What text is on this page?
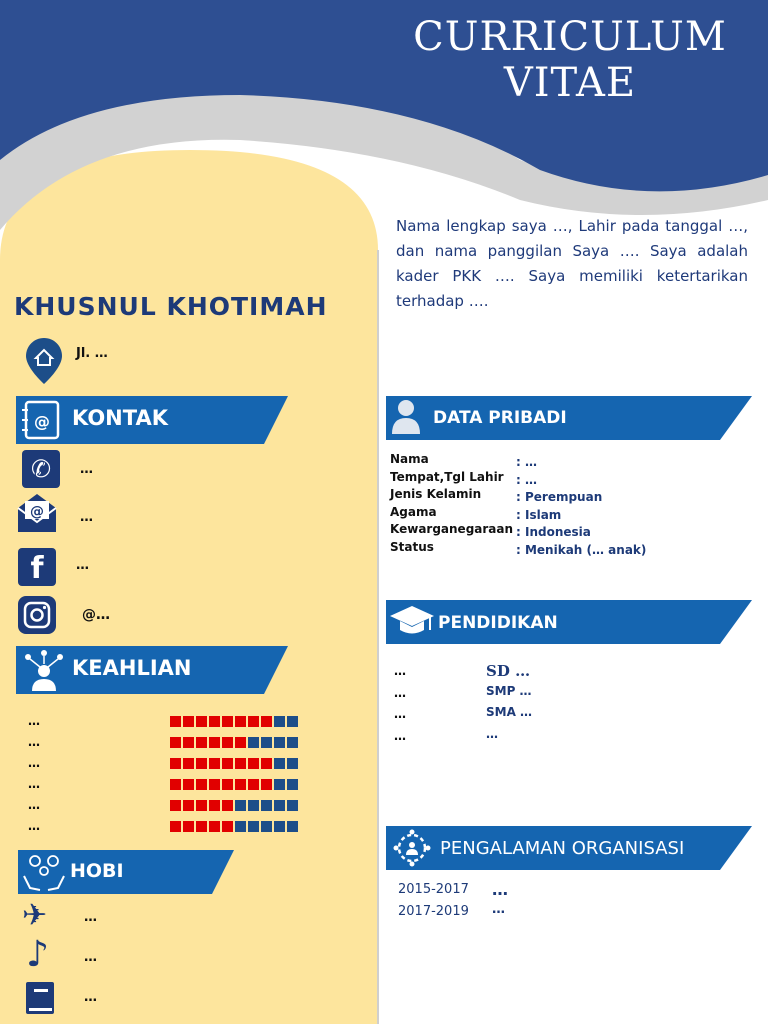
CURRICULUM
VITAE
Nama lengkap saya …, Lahir pada tanggal …, dan nama panggilan Saya …. Saya adalah kader PKK …. Saya memiliki ketertarikan terhadap ….
KHUSNUL KHOTIMAH
Jl. …
@ KONTAK
✆	…
@	…
f	…
@…
KEAHLIAN
…
…
…
…
…
…
HOBI
✈	…
♪	…
…
DATA PRIBADI
Nama	: …
Tempat,Tgl Lahir : …
Jenis Kelamin	: Perempuan
Agama	: Islam
Kewarganegaraan : Indonesia
Status	: Menikah (… anak)
PENDIDIKAN
…	SD …
…	SMP …
…	SMA …
…	…
PENGALAMAN ORGANISASI
2015-2017 …
2017-2019 …
